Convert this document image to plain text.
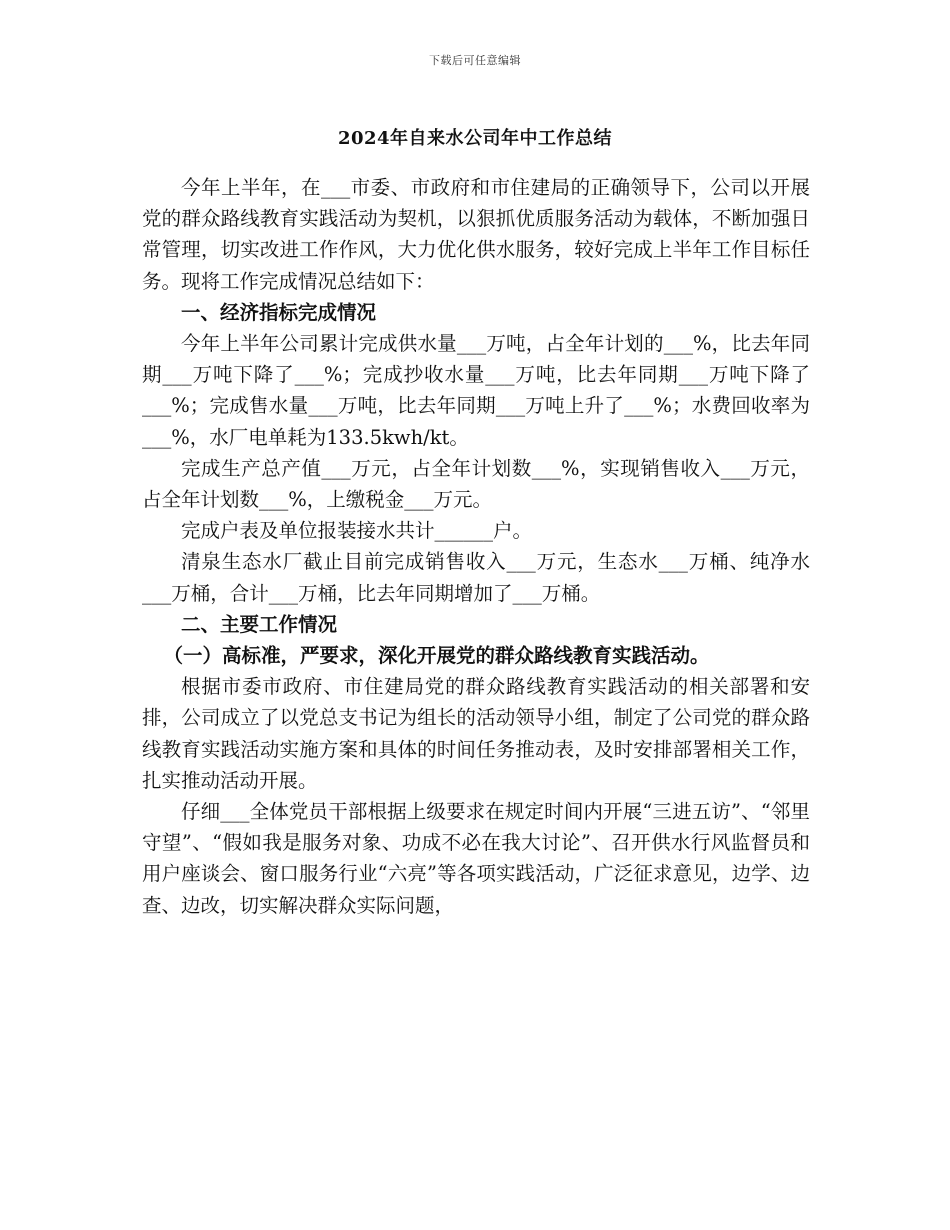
下载后可任意编辑
2024年自来水公司年中工作总结

今年上半年，在___市委、市政府和市住建局的正确领导下，公司以开展党的群众路线教育实践活动为契机，以狠抓优质服务活动为载体，不断加强日常管理，切实改进工作作风，大力优化供水服务，较好完成上半年工作目标任务。现将工作完成情况总结如下：

一、经济指标完成情况

今年上半年公司累计完成供水量___万吨，占全年计划的___%，比去年同期___万吨下降了___%；完成抄收水量___万吨，比去年同期___万吨下降了___%；完成售水量___万吨，比去年同期___万吨上升了___%；水费回收率为___%，水厂电单耗为133.5kwh/kt。

完成生产总产值___万元，占全年计划数___%，实现销售收入___万元，占全年计划数___%，上缴税金___万元。

完成户表及单位报装接水共计______户。

清泉生态水厂截止目前完成销售收入___万元，生态水___万桶、纯净水___万桶，合计___万桶，比去年同期增加了___万桶。

二、主要工作情况

（一）高标准，严要求，深化开展党的群众路线教育实践活动。

根据市委市政府、市住建局党的群众路线教育实践活动的相关部署和安排，公司成立了以党总支书记为组长的活动领导小组，制定了公司党的群众路线教育实践活动实施方案和具体的时间任务推动表，及时安排部署相关工作，扎实推动活动开展。

仔细___全体党员干部根据上级要求在规定时间内开展“三进五访”、“邻里守望”、“假如我是服务对象、功成不必在我大讨论”、召开供水行风监督员和用户座谈会、窗口服务行业“六亮”等各项实践活动，广泛征求意见，边学、边查、边改，切实解决群众实际问题，
